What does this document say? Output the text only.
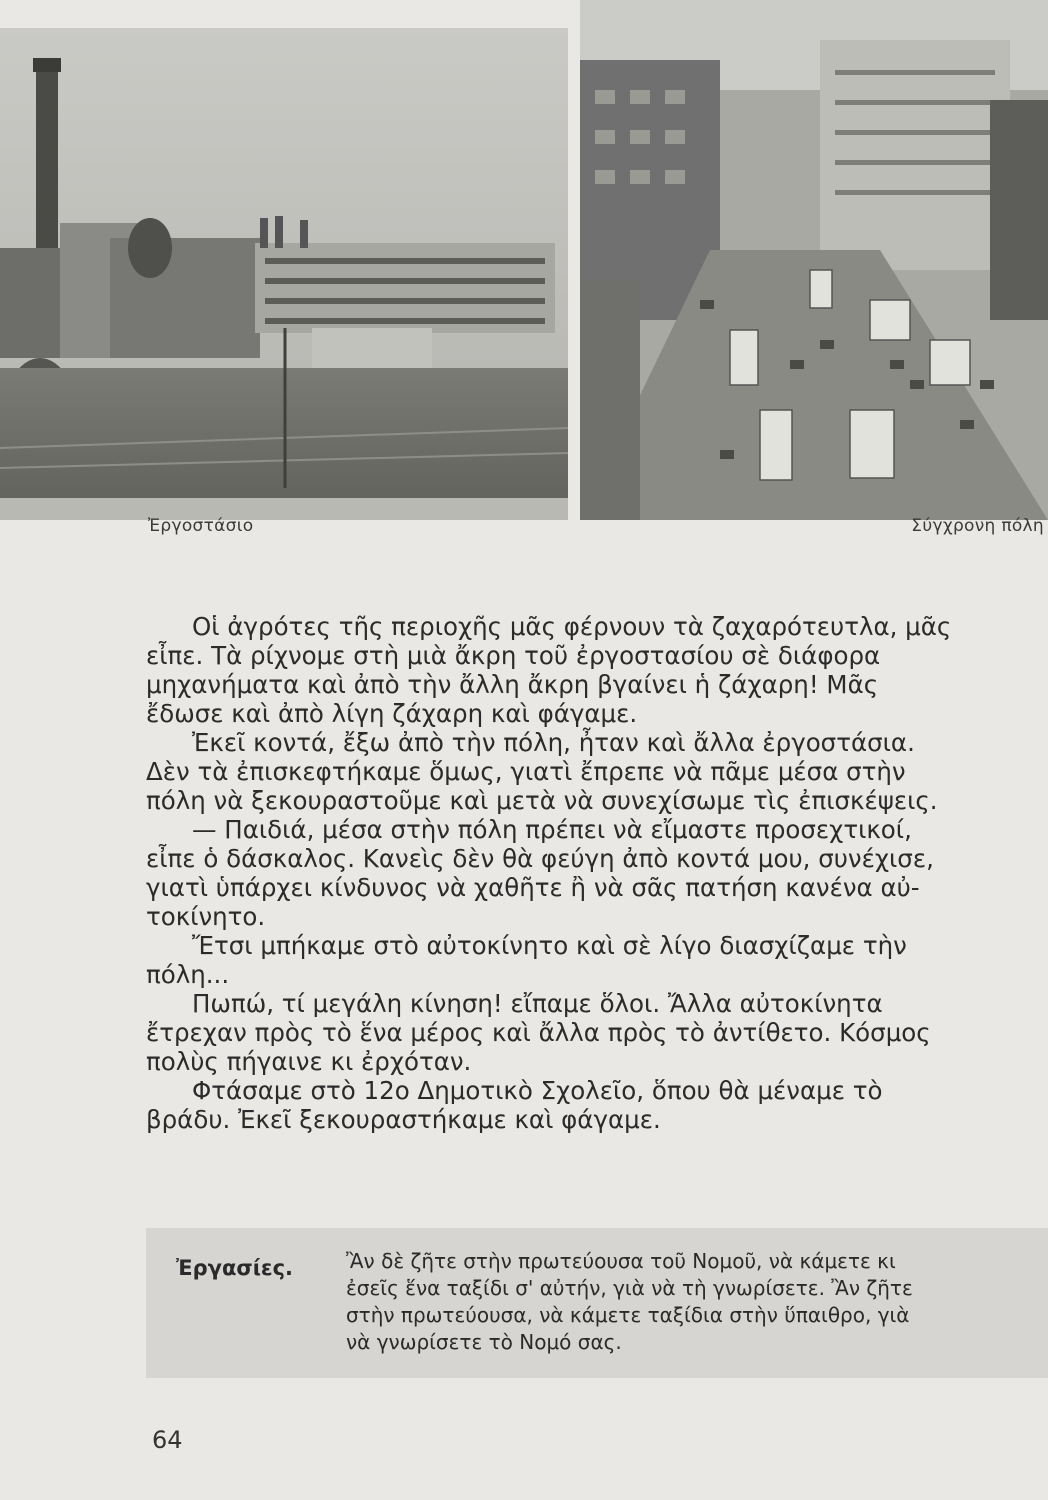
Ἐργοστάσιο	Σύγχρονη πόλη

Οἱ ἀγρότες τῆς περιοχῆς μᾶς φέρνουν τὰ ζαχαρότευτλα, μᾶς

εἶπε. Τὰ ρίχνομε στὴ μιὰ ἄκρη τοῦ ἐργοστασίου σὲ διάφορα

μηχανήματα καὶ ἀπὸ τὴν ἄλλη ἄκρη βγαίνει ἡ ζάχαρη! Μᾶς

ἔδωσε καὶ ἀπὸ λίγη ζάχαρη καὶ φάγαμε.

Ἐκεῖ κοντά, ἔξω ἀπὸ τὴν πόλη, ἦταν καὶ ἄλλα ἐργοστάσια.

Δὲν τὰ ἐπισκεφτήκαμε ὅμως, γιατὶ ἔπρεπε νὰ πᾶμε μέσα στὴν

πόλη νὰ ξεκουραστοῦμε καὶ μετὰ νὰ συνεχίσωμε τὶς ἐπισκέψεις.

— Παιδιά, μέσα στὴν πόλη πρέπει νὰ εἴμαστε προσεχτικοί,

εἶπε ὁ δάσκαλος. Κανεὶς δὲν θὰ φεύγη ἀπὸ κοντά μου, συνέχισε,

γιατὶ ὑπάρχει κίνδυνος νὰ χαθῆτε ἢ νὰ σᾶς πατήση κανένα αὐ-

τοκίνητο.

Ἔτσι μπήκαμε στὸ αὐτοκίνητο καὶ σὲ λίγο διασχίζαμε τὴν

πόλη...

Πωπώ, τί μεγάλη κίνηση! εἴπαμε ὅλοι. Ἄλλα αὐτοκίνητα

ἔτρεχαν πρὸς τὸ ἕνα μέρος καὶ ἄλλα πρὸς τὸ ἀντίθετο. Κόσμος

πολὺς πήγαινε κι ἐρχόταν.

Φτάσαμε στὸ 12ο Δημοτικὸ Σχολεῖο, ὅπου θὰ μέναμε τὸ

βράδυ. Ἐκεῖ ξεκουραστήκαμε καὶ φάγαμε.

Ἐργασίες.	Ἂν δὲ ζῆτε στὴν πρωτεύουσα τοῦ Νομοῦ, νὰ κάμετε κι

ἐσεῖς ἕνα ταξίδι σ' αὐτήν, γιὰ νὰ τὴ γνωρίσετε. Ἂν ζῆτε

στὴν πρωτεύουσα, νὰ κάμετε ταξίδια στὴν ὕπαιθρο, γιὰ

νὰ γνωρίσετε τὸ Νομό σας.

64
